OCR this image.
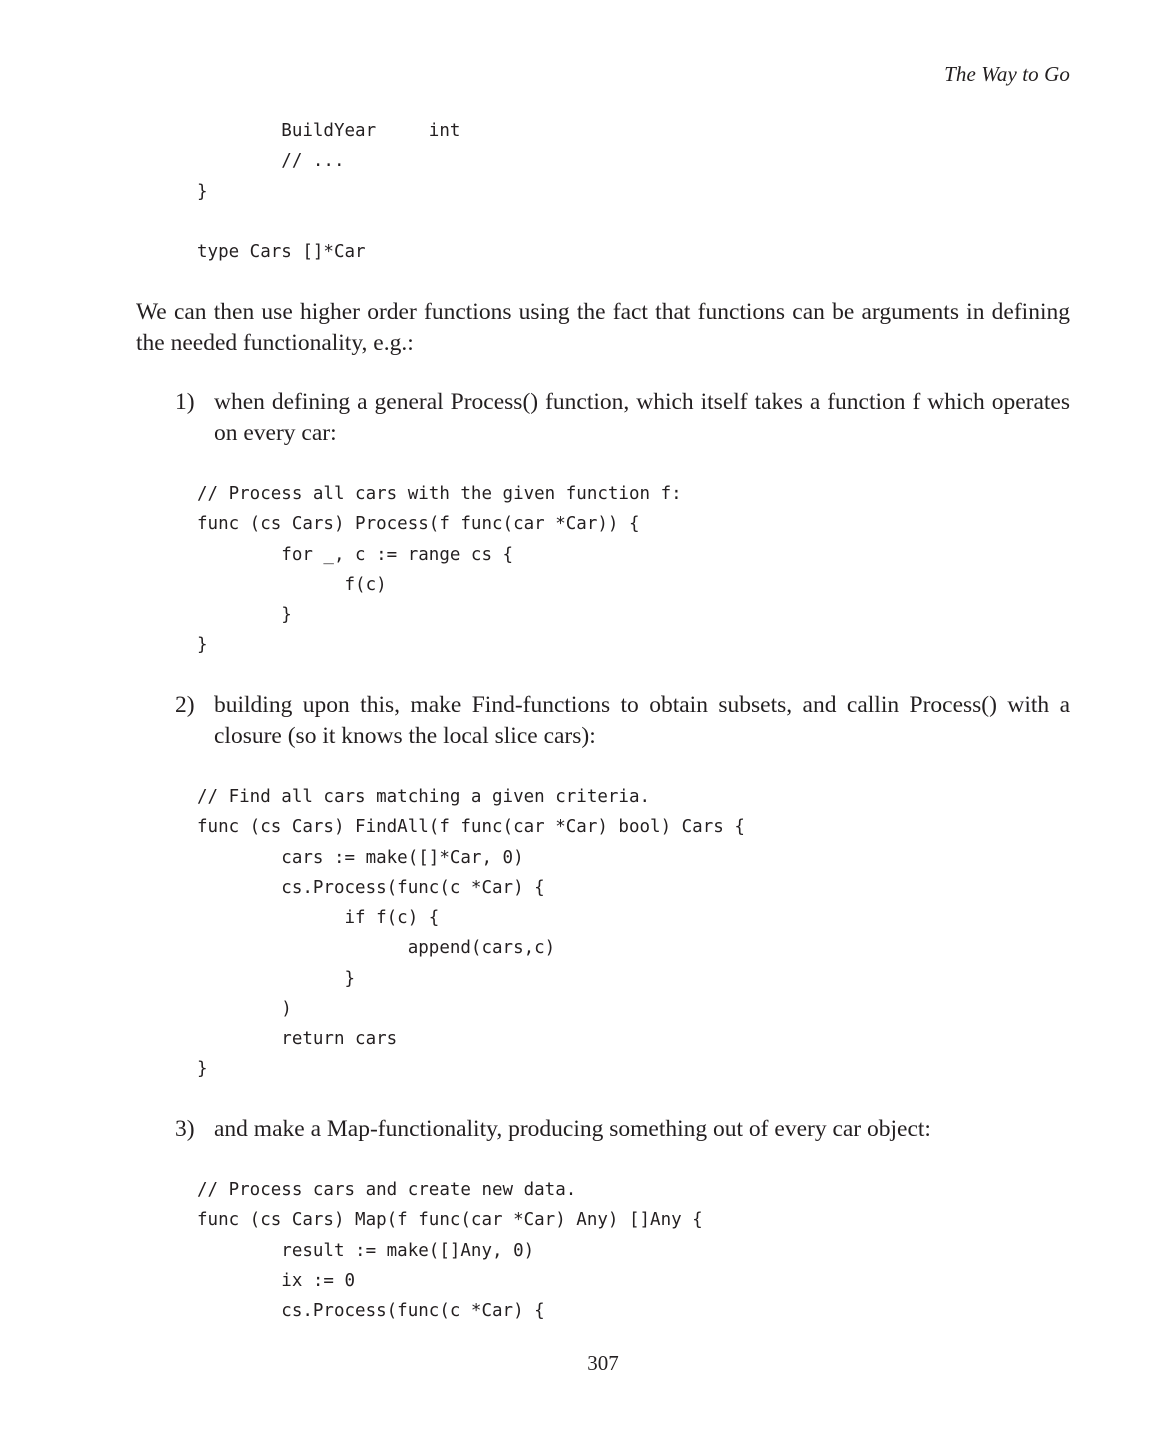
The Way to Go
BuildYear     int
// ...
}
type Cars []*Car

We can then use higher order functions using the fact that functions can be arguments in defining the needed functionality, e.g.:

1) when defining a general Process() function, which itself takes a function f which operates on every car:
// Process all cars with the given function f:
func (cs Cars) Process(f func(car *Car)) {
for _, c := range cs {
f(c)
}
}
2) building upon this, make Find-functions to obtain subsets, and callin Process() with a closure (so it knows the local slice cars):
// Find all cars matching a given criteria.
func (cs Cars) FindAll(f func(car *Car) bool) Cars {
cars := make([]*Car, 0)
cs.Process(func(c *Car) {
if f(c) {
append(cars,c)
}
)
return cars
}
3) and make a Map-functionality, producing something out of every car object:
// Process cars and create new data.
func (cs Cars) Map(f func(car *Car) Any) []Any {
result := make([]Any, 0)
ix := 0
cs.Process(func(c *Car) {
307
